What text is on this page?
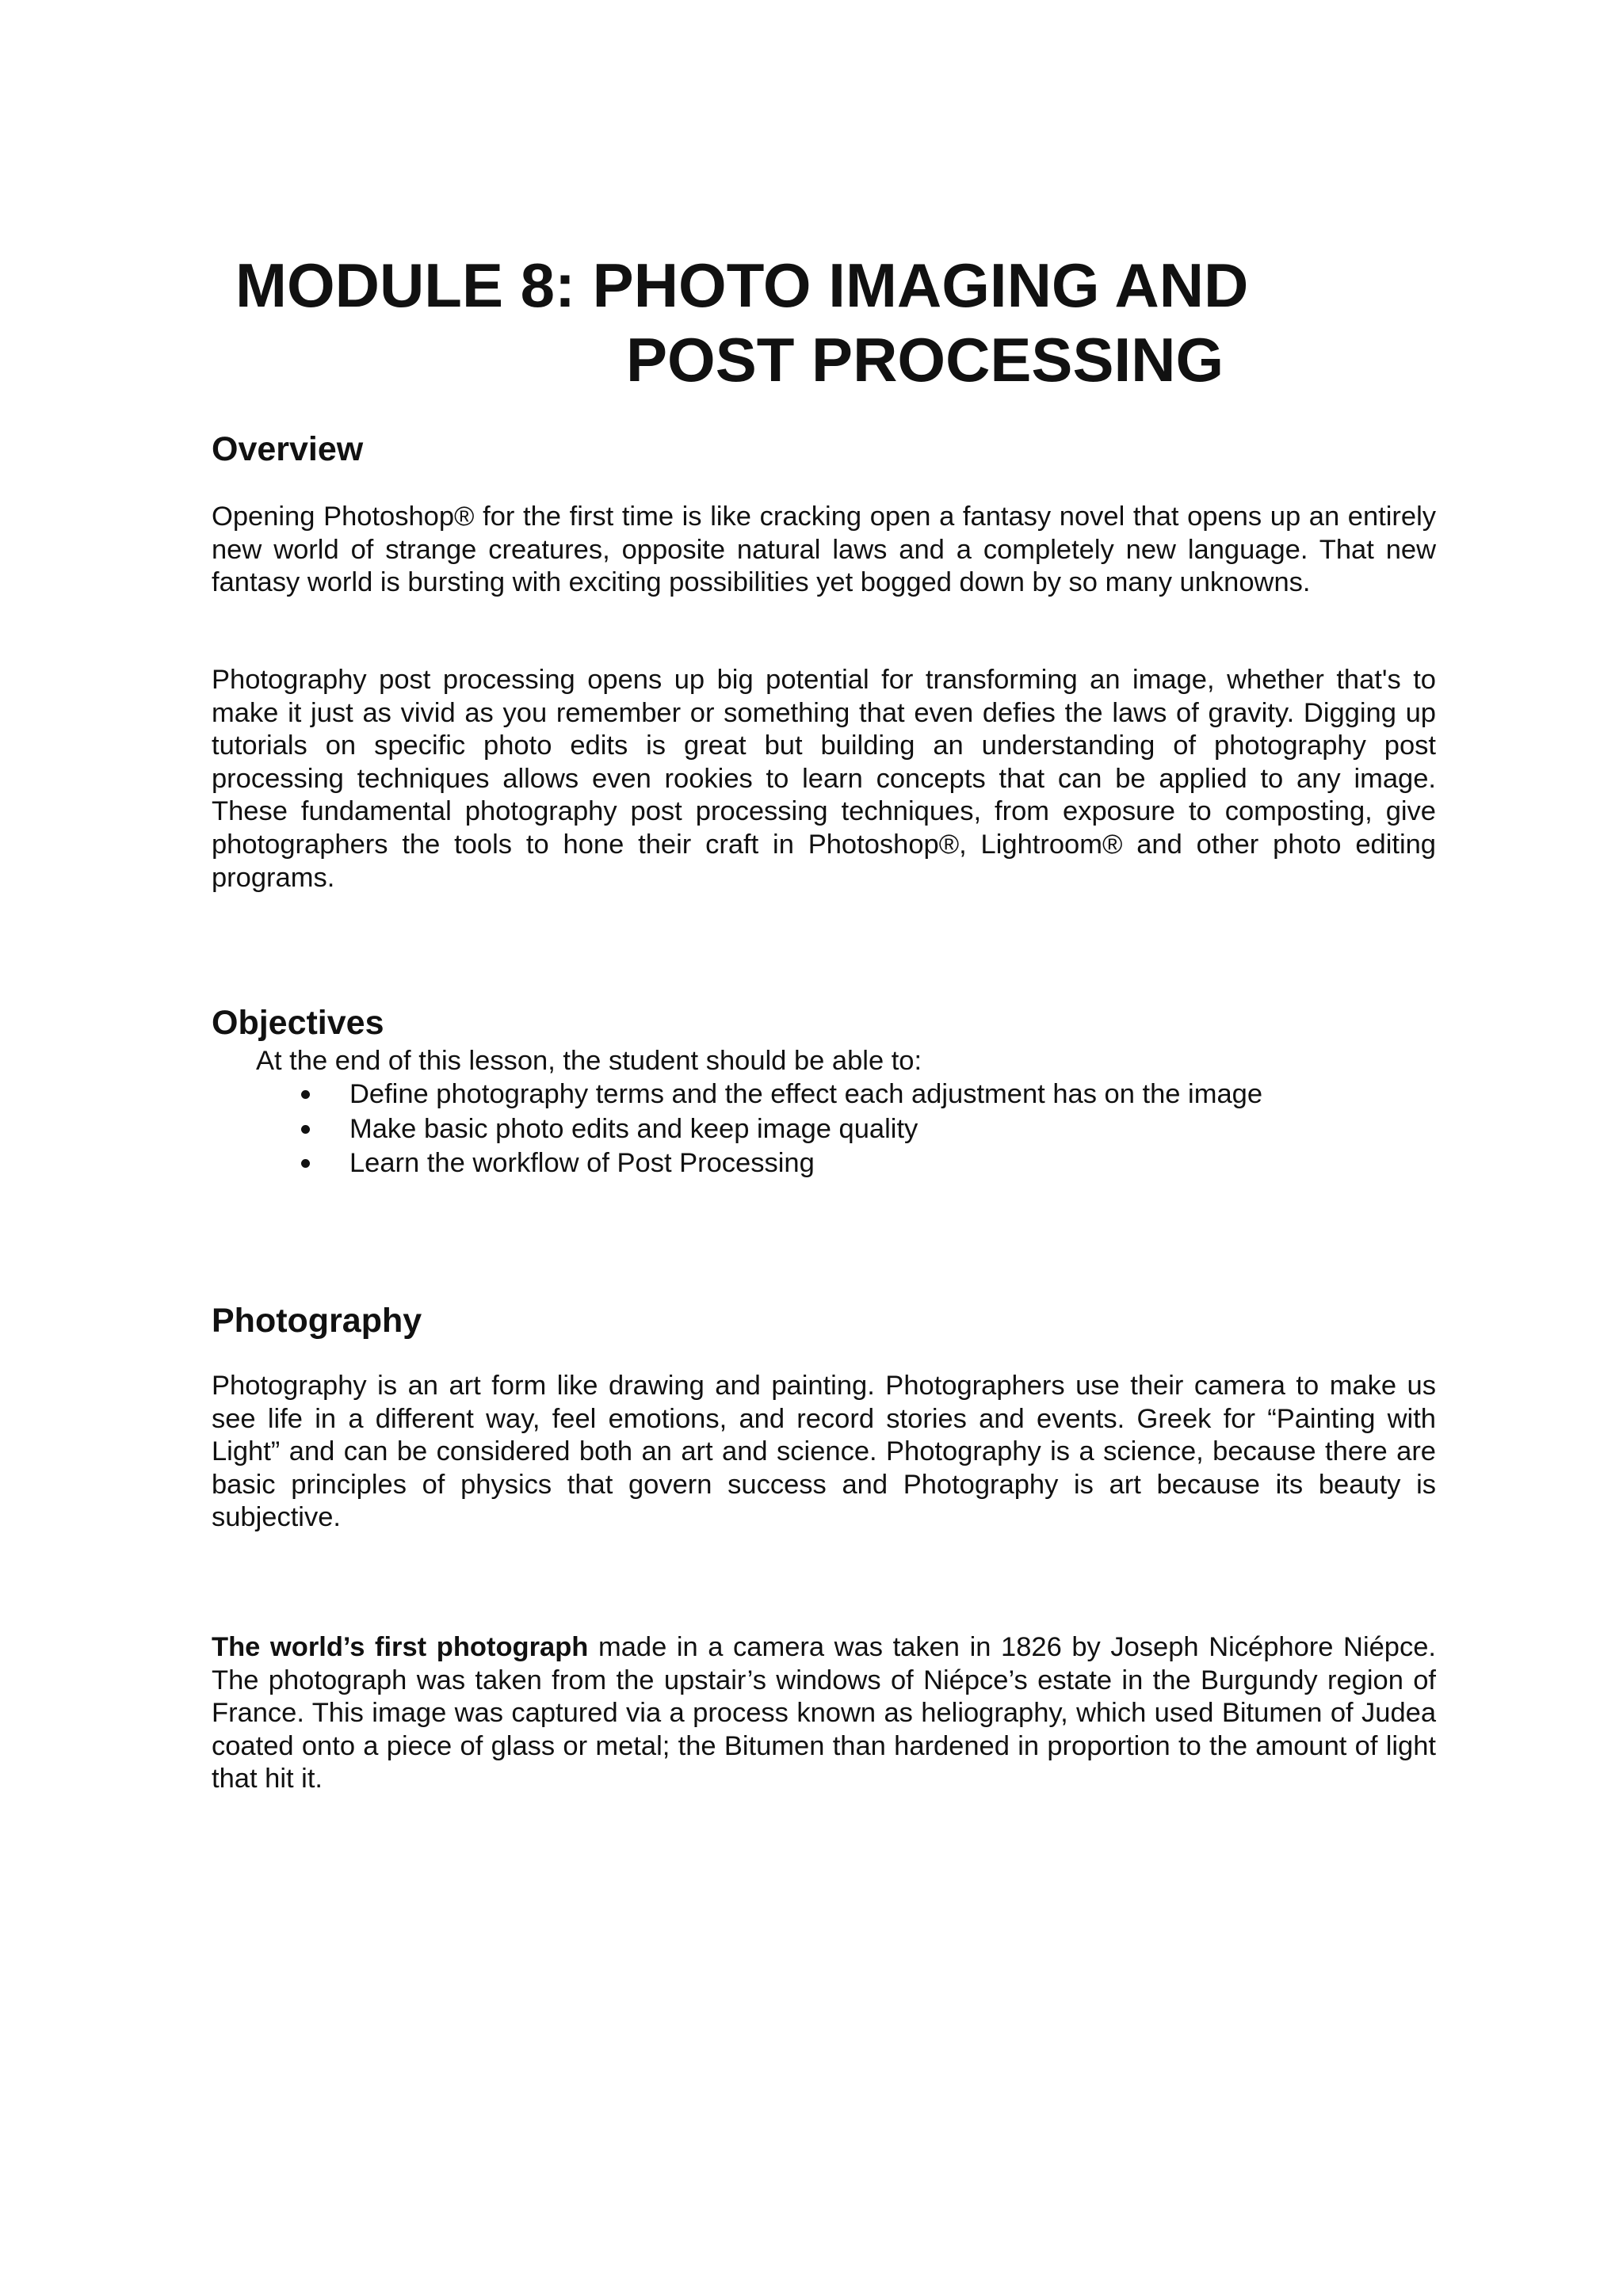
MODULE 8: PHOTO IMAGING AND
POST PROCESSING
Overview

Opening Photoshop® for the first time is like cracking open a fantasy novel that opens up an entirely new world of strange creatures, opposite natural laws and a completely new language. That new fantasy world is bursting with exciting possibilities yet bogged down by so many unknowns.

Photography post processing opens up big potential for transforming an image, whether that's to make it just as vivid as you remember or something that even defies the laws of gravity. Digging up tutorials on specific photo edits is great but building an understanding of photography post processing techniques allows even rookies to learn concepts that can be applied to any image. These fundamental photography post processing techniques, from exposure to composting, give photographers the tools to hone their craft in Photoshop®, Lightroom® and other photo editing programs.

Objectives

At the end of this lesson, the student should be able to:

Define photography terms and the effect each adjustment has on the image
Make basic photo edits and keep image quality
Learn the workflow of Post Processing
Photography

Photography is an art form like drawing and painting. Photographers use their camera to make us see life in a different way, feel emotions, and record stories and events. Greek for “Painting with Light” and can be considered both an art and science. Photography is a science, because there are basic principles of physics that govern success and Photography is art because its beauty is subjective.

The world’s first photograph made in a camera was taken in 1826 by Joseph Nicéphore Niépce. The photograph was taken from the upstair’s windows of Niépce’s estate in the Burgundy region of France. This image was captured via a process known as heliography, which used Bitumen of Judea coated onto a piece of glass or metal; the Bitumen than hardened in proportion to the amount of light that hit it.
